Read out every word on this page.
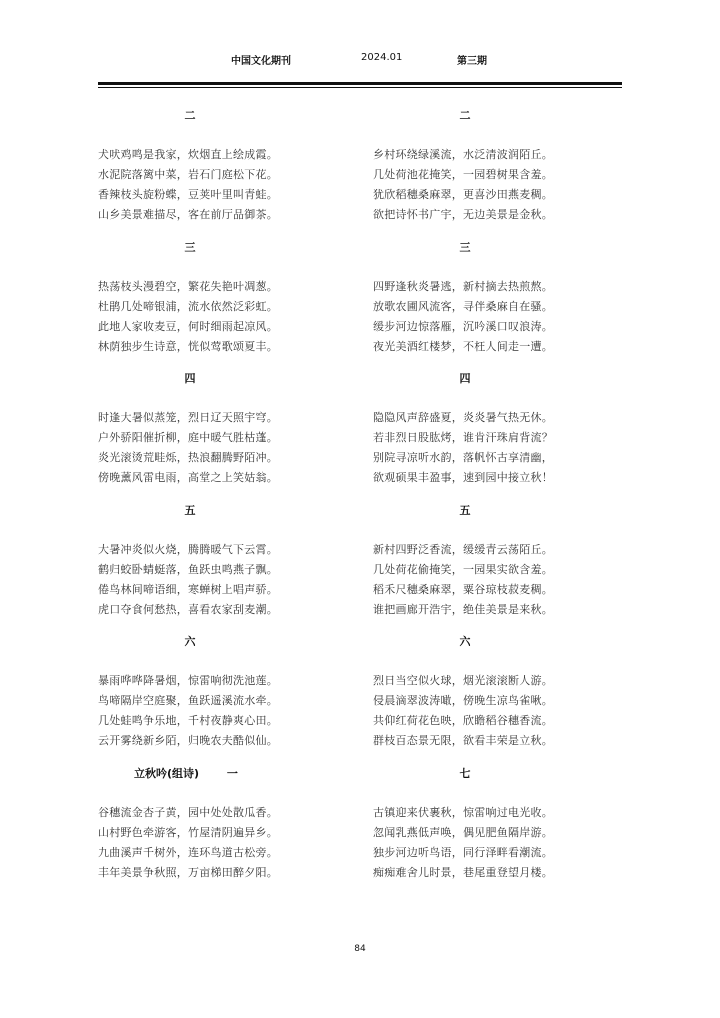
中国文化期刊	2024.01	第三期
二
犬吠鸡鸣是我家，炊烟直上绘成霞。
水泥院落篱中菜，岩石门庭松下花。
香辣枝头旋粉蝶，豆荚叶里叫青蛙。
山乡美景难描尽，客在前厅品御茶。
三
热荡枝头漫碧空，繁花失艳叶凋葱。
杜鹃几处啼银浦，流水依然泛彩虹。
此地人家收麦豆，何时细雨起凉风。
林荫独步生诗意，恍似莺歌颂夏丰。
四
时逢大暑似蒸笼，烈日辽天照宇穹。
户外骄阳催折柳，庭中暖气胜枯蓬。
炎光滚烫荒畦烁，热浪翻腾野陌冲。
傍晚薰风雷电雨，高堂之上笑姑翁。
五
大暑冲炎似火烧，腾腾暖气下云霄。
鹤归蛟卧蜻蜓落，鱼跃虫鸣燕子飘。
倦鸟林间啼语细，寒蝉树上唱声骄。
虎口夺食何愁热，喜看农家刮麦潮。
六
暴雨哗哗降暑烟，惊雷响彻洗池莲。
鸟啼隔岸空庭聚，鱼跃遥溪流水牵。
几处蛙鸣争乐地，千村夜静爽心田。
云开雾绕新乡陌，归晚农夫酷似仙。
立秋吟(组诗)	一
谷穗流金杏子黄，园中处处散瓜香。
山村野色牵游客，竹屋清阴遍异乡。
九曲溪声千树外，连环鸟道古松旁。
丰年美景争秋照，万亩梯田醉夕阳。
二
乡村环绕绿溪流，水泛清波润陌丘。
几处荷池花掩笑，一园碧树果含羞。
犹欣稻穗桑麻翠，更喜沙田燕麦稠。
欲把诗怀书广宇，无边美景是金秋。
三
四野逢秋炎暑逃，新村摘去热煎熬。
放歌农圃风流客，寻伴桑麻自在骚。
缓步河边惊落雁，沉吟溪口叹浪涛。
夜光美酒红楼梦，不枉人间走一遭。
四
隐隐风声辞盛夏，炎炎暑气热无休。
若非烈日股肱烤，谁肯汗珠肩背流？
别院寻凉听水韵，落帆怀古享清幽，
欲观硕果丰盈事，速到园中接立秋！
五
新村四野泛香流，缓缓青云荡陌丘。
几处荷花偷掩笑，一园果实欲含羞。
稻禾尺穗桑麻翠，粟谷琼枝菽麦稠。
谁把画廊开浩宇，绝佳美景是来秋。
六
烈日当空似火球，烟光滚滚断人游。
侵晨滴翠波涛噉，傍晚生凉鸟雀啾。
共仰红荷花色映，欣瞻稻谷穗香流。
群枝百态景无限，欲看丰荣是立秋。
七
古镇迎来伏裹秋，惊雷响过电光收。
忽闻乳燕低声唤，偶见肥鱼隔岸游。
独步河边听鸟语，同行泽畔看潮流。
痴痴难舍儿时景，巷尾重登望月楼。
84
